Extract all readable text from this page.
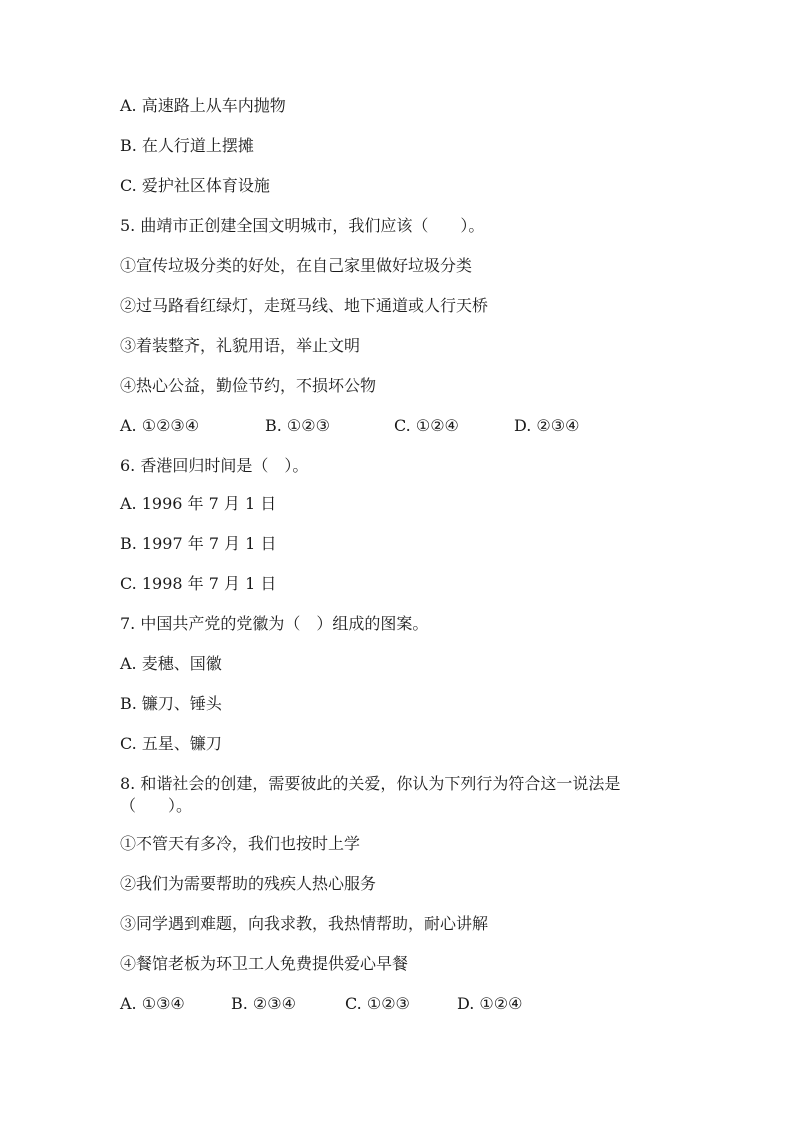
A. 高速路上从车内抛物
B. 在人行道上摆摊
C. 爱护社区体育设施
5. 曲靖市正创建全国文明城市，我们应该（　　）。
①宣传垃圾分类的好处，在自己家里做好垃圾分类
②过马路看红绿灯，走斑马线、地下通道或人行天桥
③着装整齐，礼貌用语，举止文明
④热心公益，勤俭节约，不损坏公物
A. ①②③④	B. ①②③	C. ①②④	D. ②③④
6. 香港回归时间是（　）。
A. 1996 年 7 月 1 日
B. 1997 年 7 月 1 日
C. 1998 年 7 月 1 日
7. 中国共产党的党徽为（　）组成的图案。
A. 麦穗、国徽
B. 镰刀、锤头
C. 五星、镰刀
8. 和谐社会的创建，需要彼此的关爱，你认为下列行为符合这一说法是
（　　）。
①不管天有多冷，我们也按时上学
②我们为需要帮助的残疾人热心服务
③同学遇到难题，向我求教，我热情帮助，耐心讲解
④餐馆老板为环卫工人免费提供爱心早餐
A. ①③④	B. ②③④	C. ①②③	D. ①②④
